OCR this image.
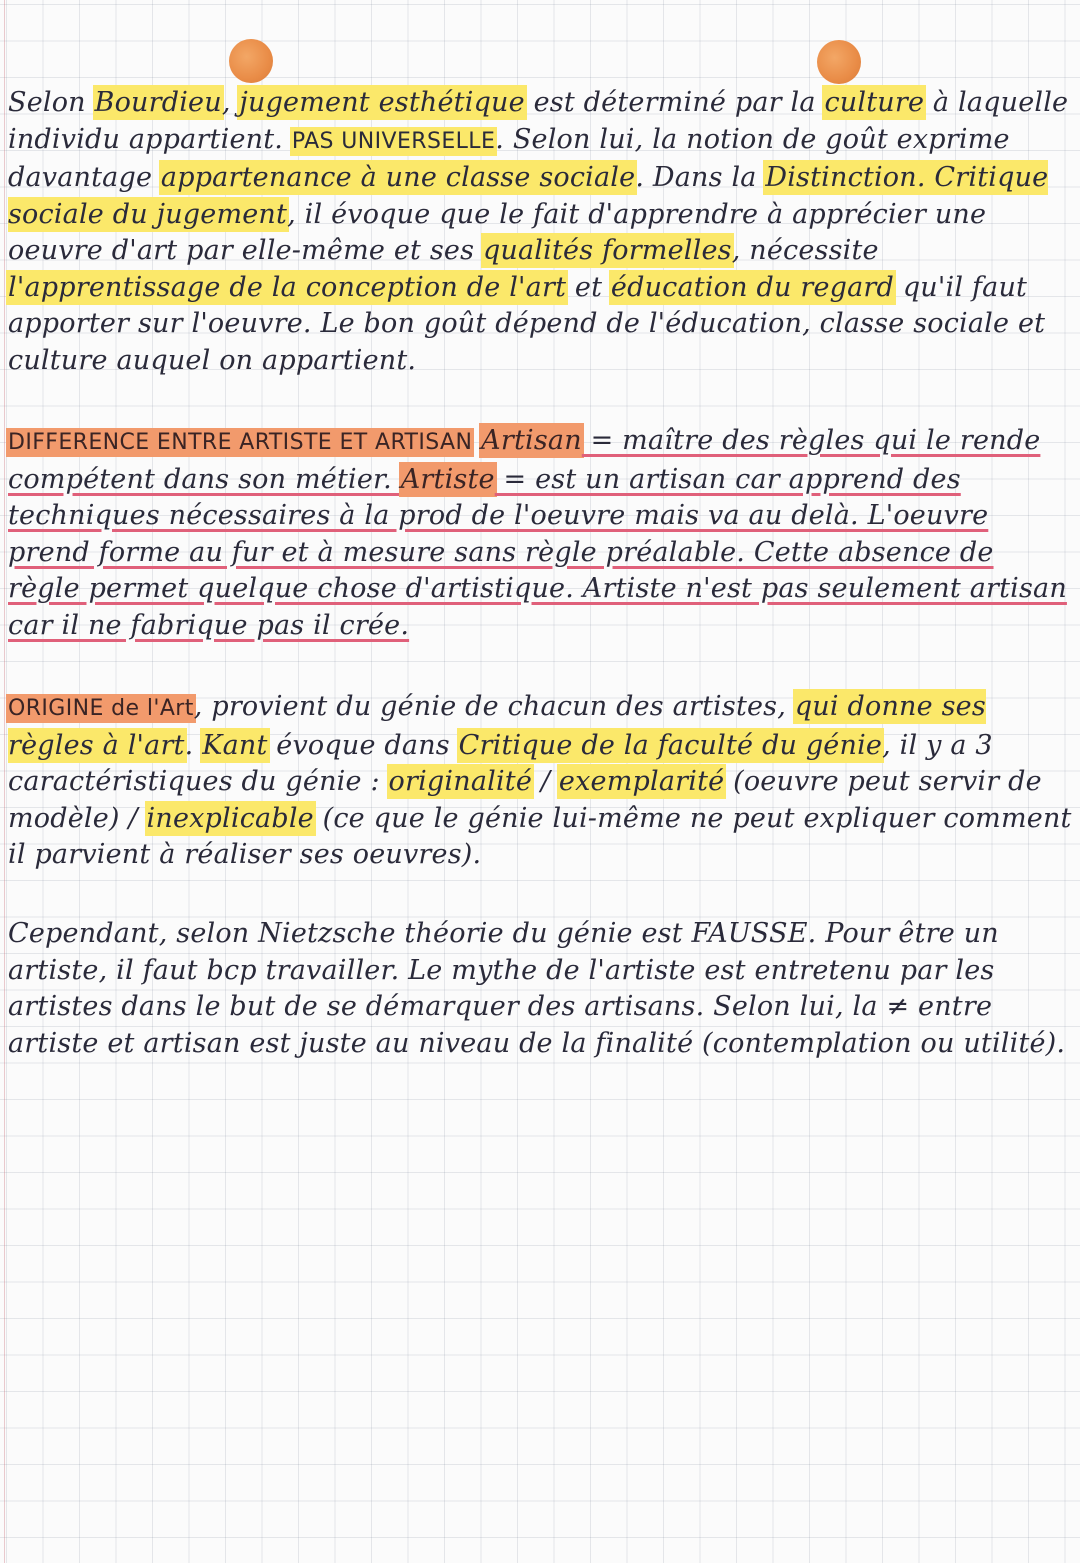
Selon Bourdieu, jugement esthétique est déterminé par la culture à laquelle individu appartient. PAS UNIVERSELLE. Selon lui, la notion de goût exprime davantage appartenance à une classe sociale. Dans la Distinction. Critique sociale du jugement, il évoque que le fait d'apprendre à apprécier une oeuvre d'art par elle-même et ses qualités formelles, nécessite l'apprentissage de la conception de l'art et éducation du regard qu'il faut apporter sur l'oeuvre. Le bon goût dépend de l'éducation, classe sociale et culture auquel on appartient.
DIFFERENCE ENTRE ARTISTE ET ARTISAN Artisan = maître des règles qui le rende compétent dans son métier. Artiste = est un artisan car apprend des techniques nécessaires à la prod de l'oeuvre mais va au delà. L'oeuvre prend forme au fur et à mesure sans règle préalable. Cette absence de règle permet quelque chose d'artistique. Artiste n'est pas seulement artisan car il ne fabrique pas il crée.
ORIGINE de l'Art, provient du génie de chacun des artistes, qui donne ses règles à l'art. Kant évoque dans Critique de la faculté du génie, il y a 3 caractéristiques du génie : originalité / exemplarité (oeuvre peut servir de modèle) / inexplicable (ce que le génie lui-même ne peut expliquer comment il parvient à réaliser ses oeuvres).
Cependant, selon Nietzsche théorie du génie est FAUSSE. Pour être un artiste, il faut bcp travailler. Le mythe de l'artiste est entretenu par les artistes dans le but de se démarquer des artisans. Selon lui, la ≠ entre artiste et artisan est juste au niveau de la finalité (contemplation ou utilité).
